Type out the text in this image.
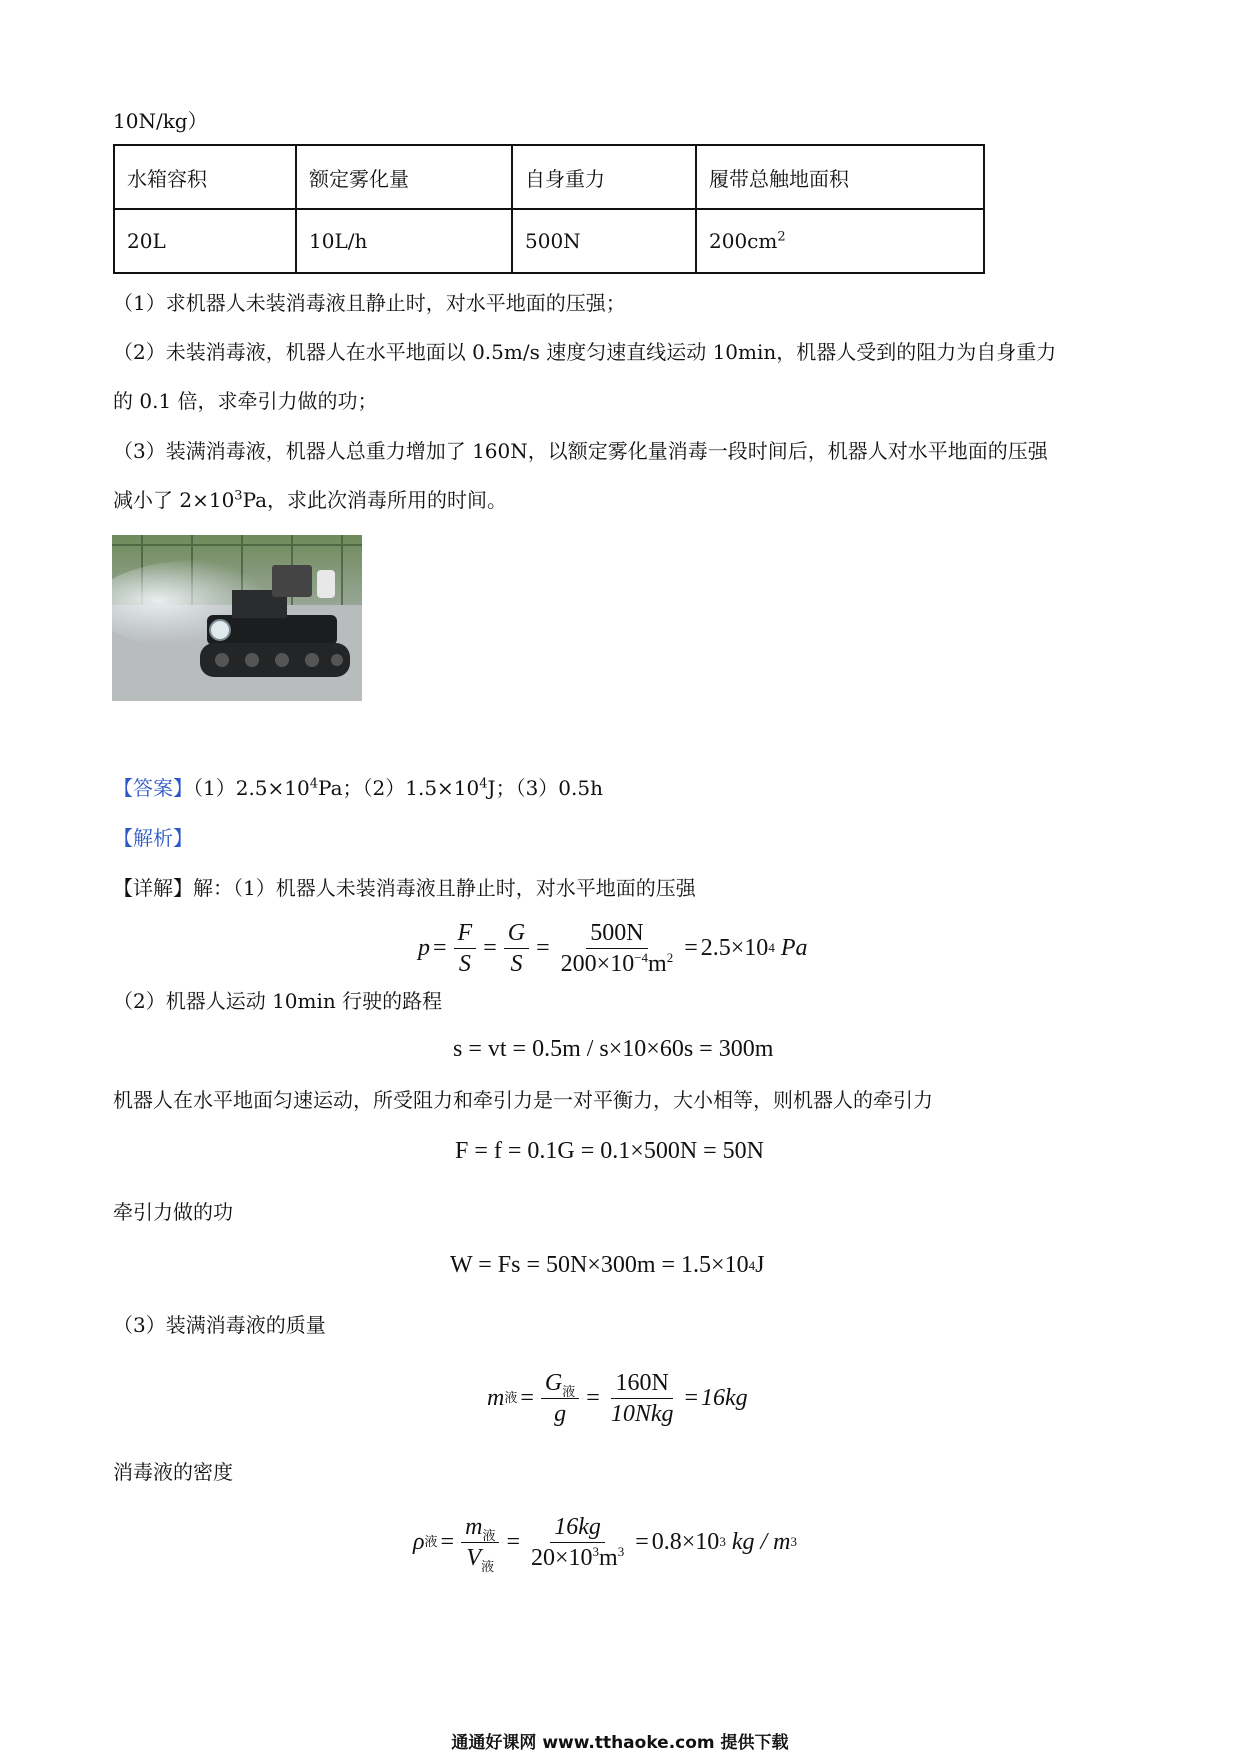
10N/kg）
水箱容积	额定雾化量	自身重力	履带总触地面积
20L	10L/h	500N	$200cm^2$
（1）求机器人未装消毒液且静止时，对水平地面的压强；
（2）未装消毒液，机器人在水平地面以 0.5m/s 速度匀速直线运动 10min，机器人受到的阻力为自身重力
的 0.1 倍，求牵引力做的功；
（3）装满消毒液，机器人总重力增加了 160N，以额定雾化量消毒一段时间后，机器人对水平地面的压强
减小了 $2\times 10^3Pa$，求此次消毒所用的时间。
【答案】$(1)2.5\times 10^4Pa$；$(2)1.5\times 10^4J$；（3）0.5h
【解析】
【详解】解：（1）机器人未装消毒液且静止时，对水平地面的压强
$p = \frac{F}{S} = \frac{G}{S} = \frac{500N}{200\times 10^{-4}m^2} = 2.5\times 10$ 4
Pa
（2）机器人运动 10min 行驶的路程
s = vt = 0.5m / s×10×60s = 300m
机器人在水平地面匀速运动，所受阻力和牵引力是一对平衡力，大小相等，则机器人的牵引力
F = f = 0.1G = 0.1×500N = 50N
牵引力做的功
W = Fs = 50N×300m = 1.5×10 4 J
（3）装满消毒液的质量
m 液 = $\frac{G_液}{g} = \frac{160N}{\text{10Nkg}} = 16kg$
消毒液的密度
ρ 液 = $\frac{m_液}{V_液} = \frac{16kg}{20\times 10^3m^3} = 0.8\times 10$ 3
kg / m 3
通通好课网 www.tthaoke.com 提供下载
